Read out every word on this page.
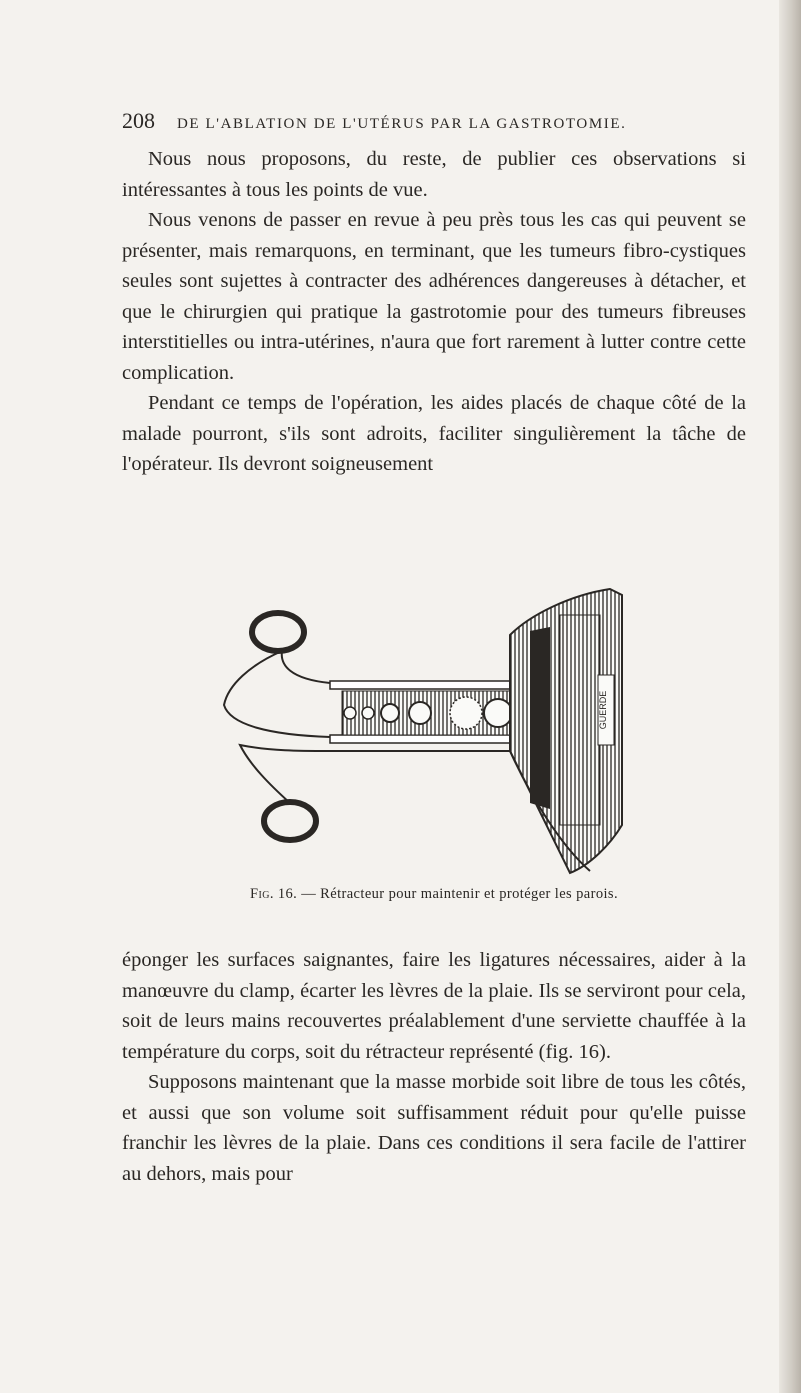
208 DE L'ABLATION DE L'UTÉRUS PAR LA GASTROTOMIE.

Nous nous proposons, du reste, de publier ces observations si intéressantes à tous les points de vue.

Nous venons de passer en revue à peu près tous les cas qui peuvent se présenter, mais remarquons, en terminant, que les tumeurs fibro-cystiques seules sont sujettes à contracter des adhérences dangereuses à détacher, et que le chirurgien qui pratique la gastrotomie pour des tumeurs fibreuses interstitielles ou intra-utérines, n'aura que fort rarement à lutter contre cette complication.

Pendant ce temps de l'opération, les aides placés de chaque côté de la malade pourront, s'ils sont adroits, faciliter singulièrement la tâche de l'opérateur. Ils devront soigneusement

GUERDE
Fig. 16. — Rétracteur pour maintenir et protéger les parois.

éponger les surfaces saignantes, faire les ligatures nécessaires, aider à la manœuvre du clamp, écarter les lèvres de la plaie. Ils se serviront pour cela, soit de leurs mains recouvertes préalablement d'une serviette chauffée à la température du corps, soit du rétracteur représenté (fig. 16).

Supposons maintenant que la masse morbide soit libre de tous les côtés, et aussi que son volume soit suffisamment réduit pour qu'elle puisse franchir les lèvres de la plaie. Dans ces conditions il sera facile de l'attirer au dehors, mais pour
